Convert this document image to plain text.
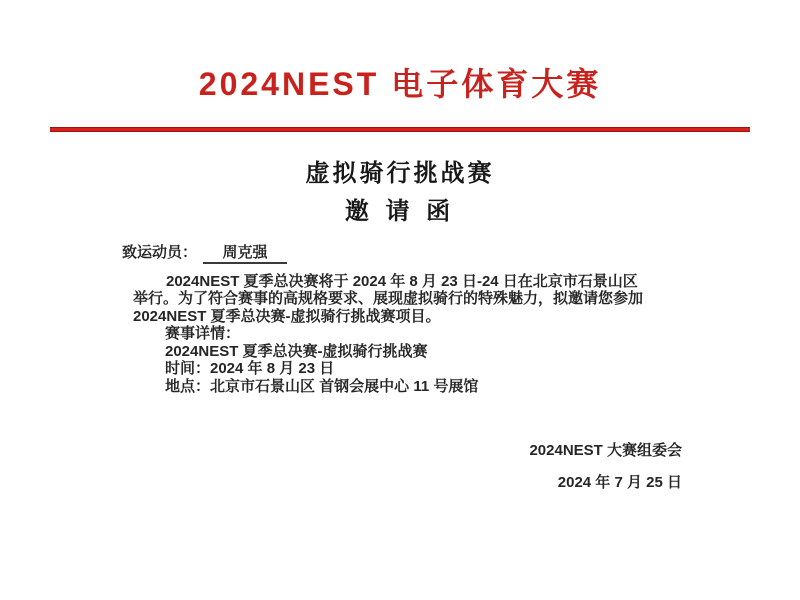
2024NEST 电子体育大赛
虚拟骑行挑战赛
邀 请 函
致运动员： 周克强
2024NEST 夏季总决赛将于 2024 年 8 月 23 日-24 日在北京市石景山区
举行。为了符合赛事的高规格要求、展现虚拟骑行的特殊魅力，拟邀请您参加
2024NEST 夏季总决赛-虚拟骑行挑战赛项目。
赛事详情：
2024NEST 夏季总决赛-虚拟骑行挑战赛
时间：2024 年 8 月 23 日
地点：北京市石景山区 首钢会展中心 11 号展馆
2024NEST 大赛组委会
2024 年 7 月 25 日
